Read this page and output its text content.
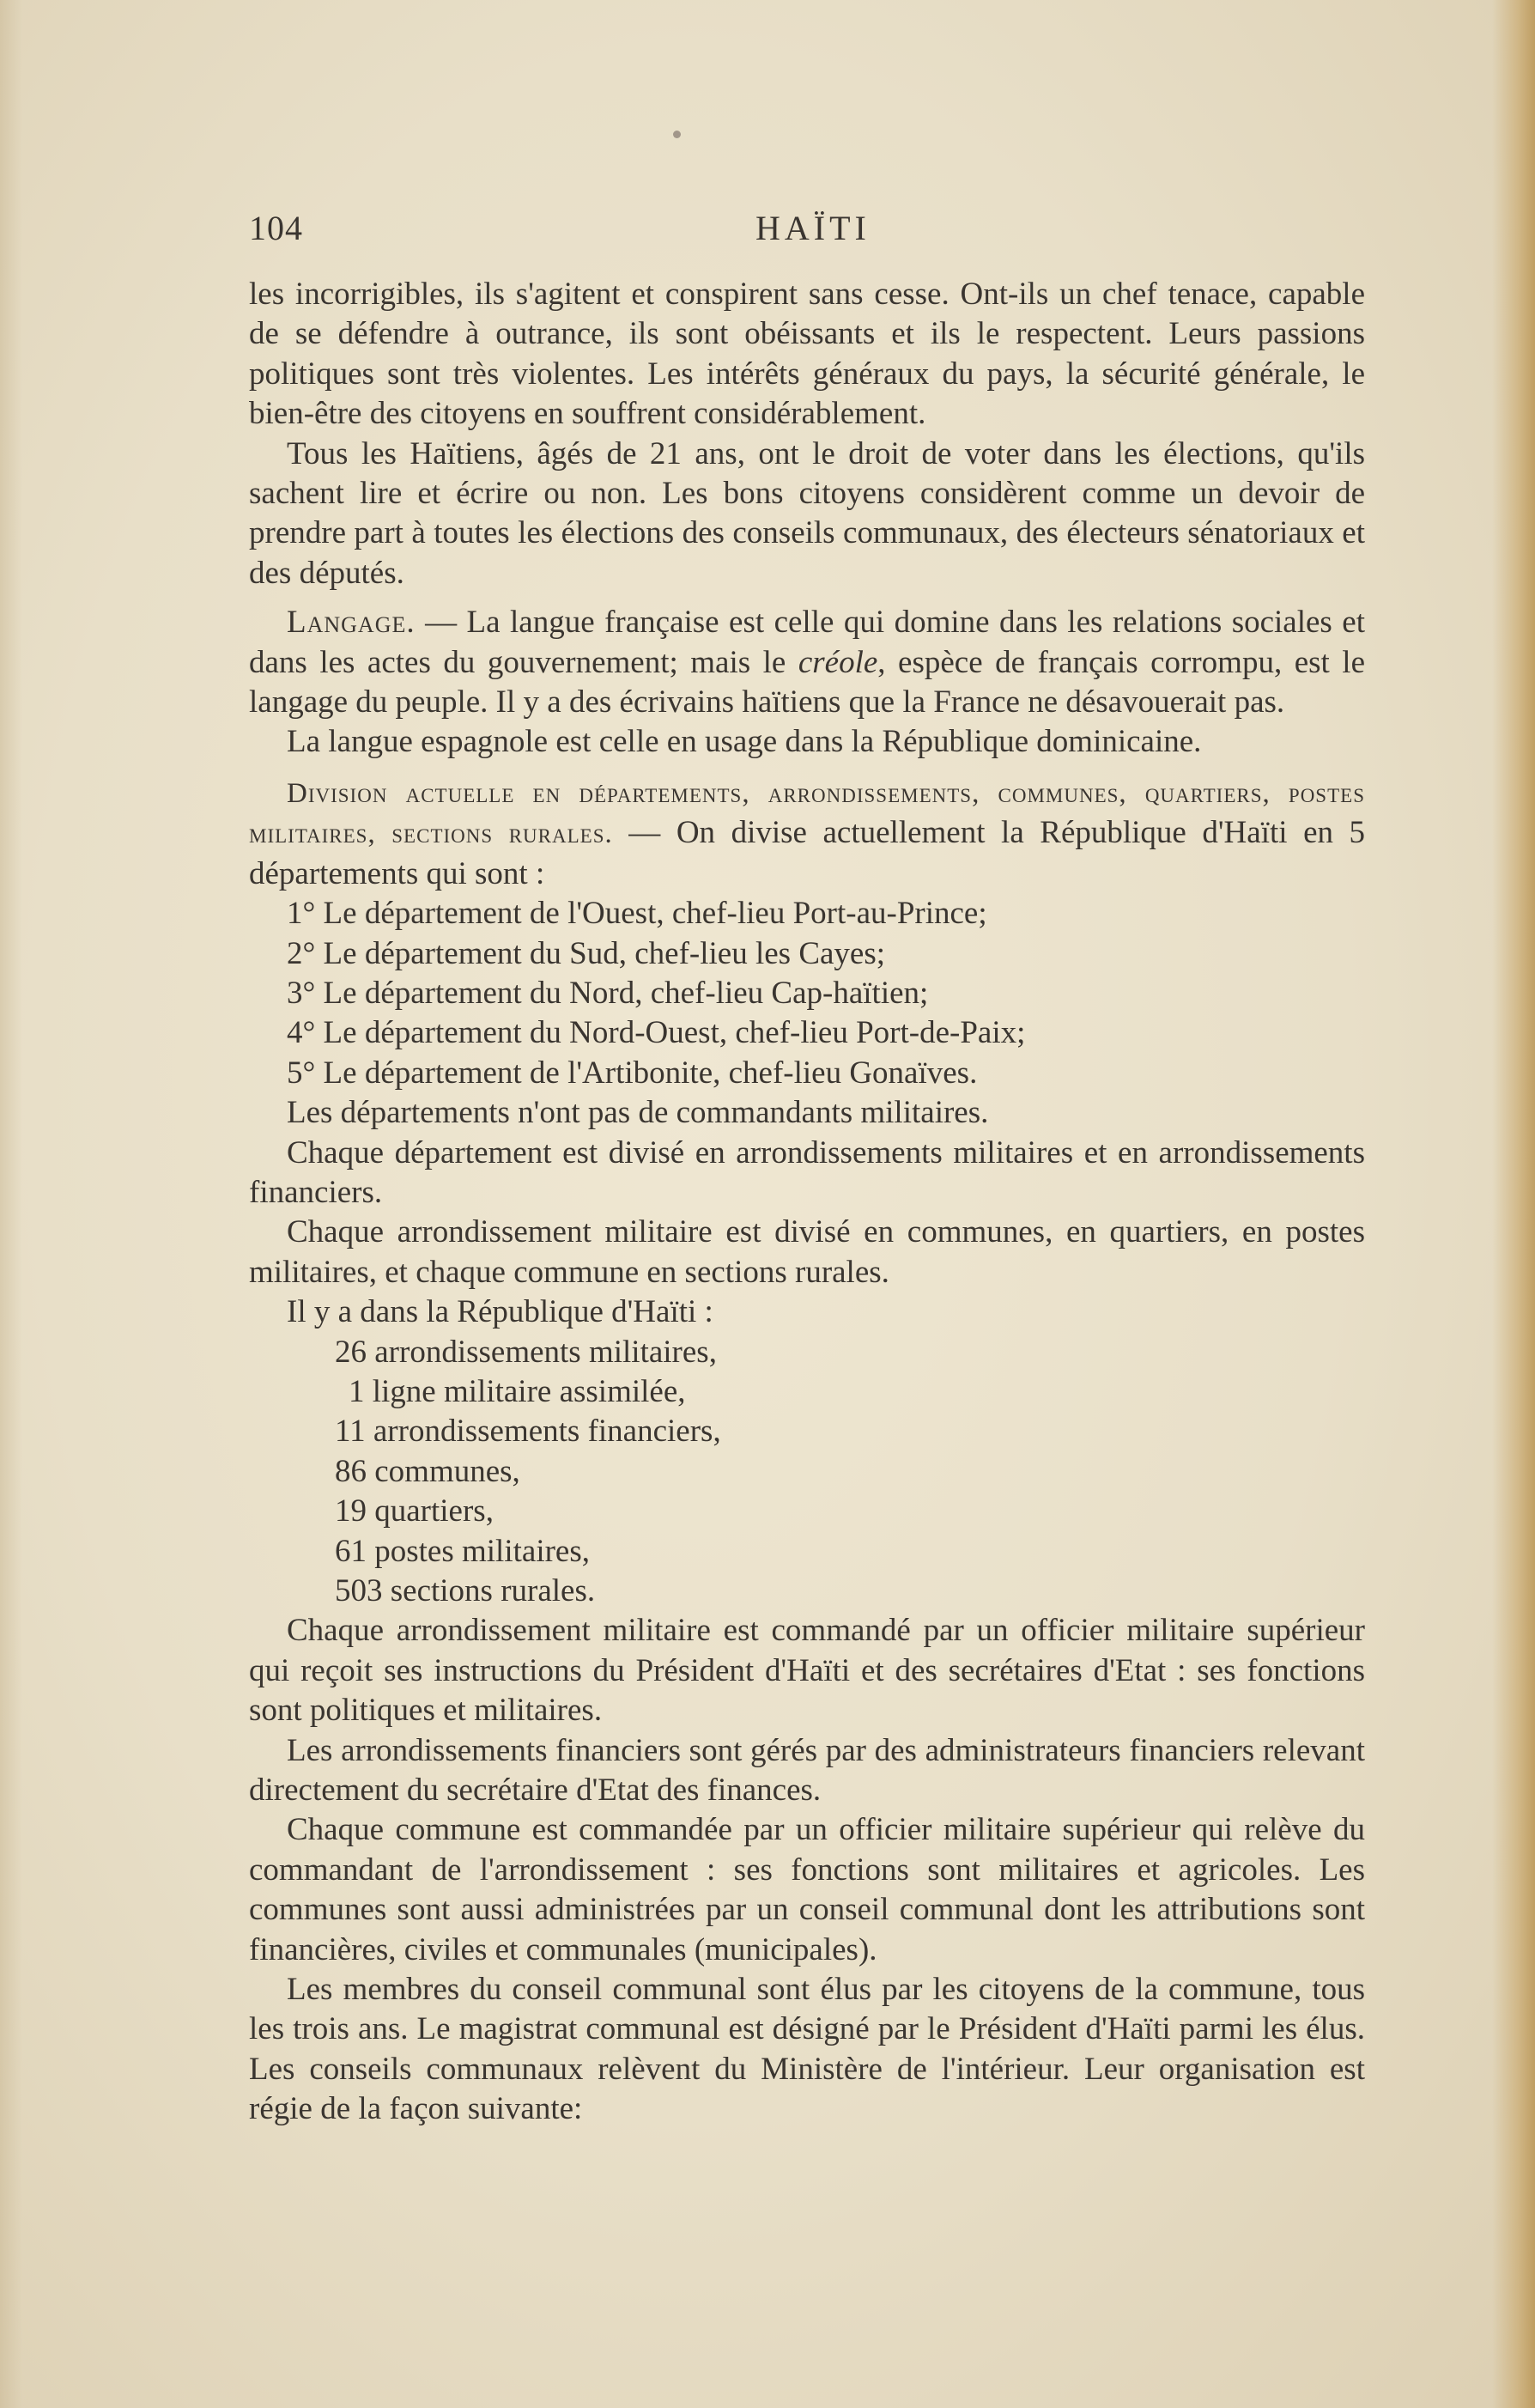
104	HAÏTI

les incorrigibles, ils s'agitent et conspirent sans cesse. Ont-ils un chef tenace, capable de se défendre à outrance, ils sont obéissants et ils le respectent. Leurs passions politiques sont très violentes. Les intérêts généraux du pays, la sécurité générale, le bien-être des citoyens en souffrent considérablement.

Tous les Haïtiens, âgés de 21 ans, ont le droit de voter dans les élections, qu'ils sachent lire et écrire ou non. Les bons citoyens considèrent comme un devoir de prendre part à toutes les élections des conseils communaux, des électeurs sénatoriaux et des députés.

Langage. — La langue française est celle qui domine dans les relations sociales et dans les actes du gouvernement; mais le créole, espèce de français corrompu, est le langage du peuple. Il y a des écrivains haïtiens que la France ne désavouerait pas.

La langue espagnole est celle en usage dans la République dominicaine.

Division actuelle en départements, arrondissements, communes, quartiers, postes militaires, sections rurales. — On divise actuellement la République d'Haïti en 5 départements qui sont :

1° Le département de l'Ouest, chef-lieu Port-au-Prince;

2° Le département du Sud, chef-lieu les Cayes;

3° Le département du Nord, chef-lieu Cap-haïtien;

4° Le département du Nord-Ouest, chef-lieu Port-de-Paix;

5° Le département de l'Artibonite, chef-lieu Gonaïves.

Les départements n'ont pas de commandants militaires.

Chaque département est divisé en arrondissements militaires et en arrondissements financiers.

Chaque arrondissement militaire est divisé en communes, en quartiers, en postes militaires, et chaque commune en sections rurales.

Il y a dans la République d'Haïti :

26 arrondissements militaires,

1 ligne militaire assimilée,

11 arrondissements financiers,

86 communes,

19 quartiers,

61 postes militaires,

503 sections rurales.

Chaque arrondissement militaire est commandé par un officier militaire supérieur qui reçoit ses instructions du Président d'Haïti et des secrétaires d'Etat : ses fonctions sont politiques et militaires.

Les arrondissements financiers sont gérés par des administrateurs financiers relevant directement du secrétaire d'Etat des finances.

Chaque commune est commandée par un officier militaire supérieur qui relève du commandant de l'arrondissement : ses fonctions sont militaires et agricoles. Les communes sont aussi administrées par un conseil communal dont les attributions sont financières, civiles et communales (municipales).

Les membres du conseil communal sont élus par les citoyens de la commune, tous les trois ans. Le magistrat communal est désigné par le Président d'Haïti parmi les élus. Les conseils communaux relèvent du Ministère de l'intérieur. Leur organisation est régie de la façon suivante:
